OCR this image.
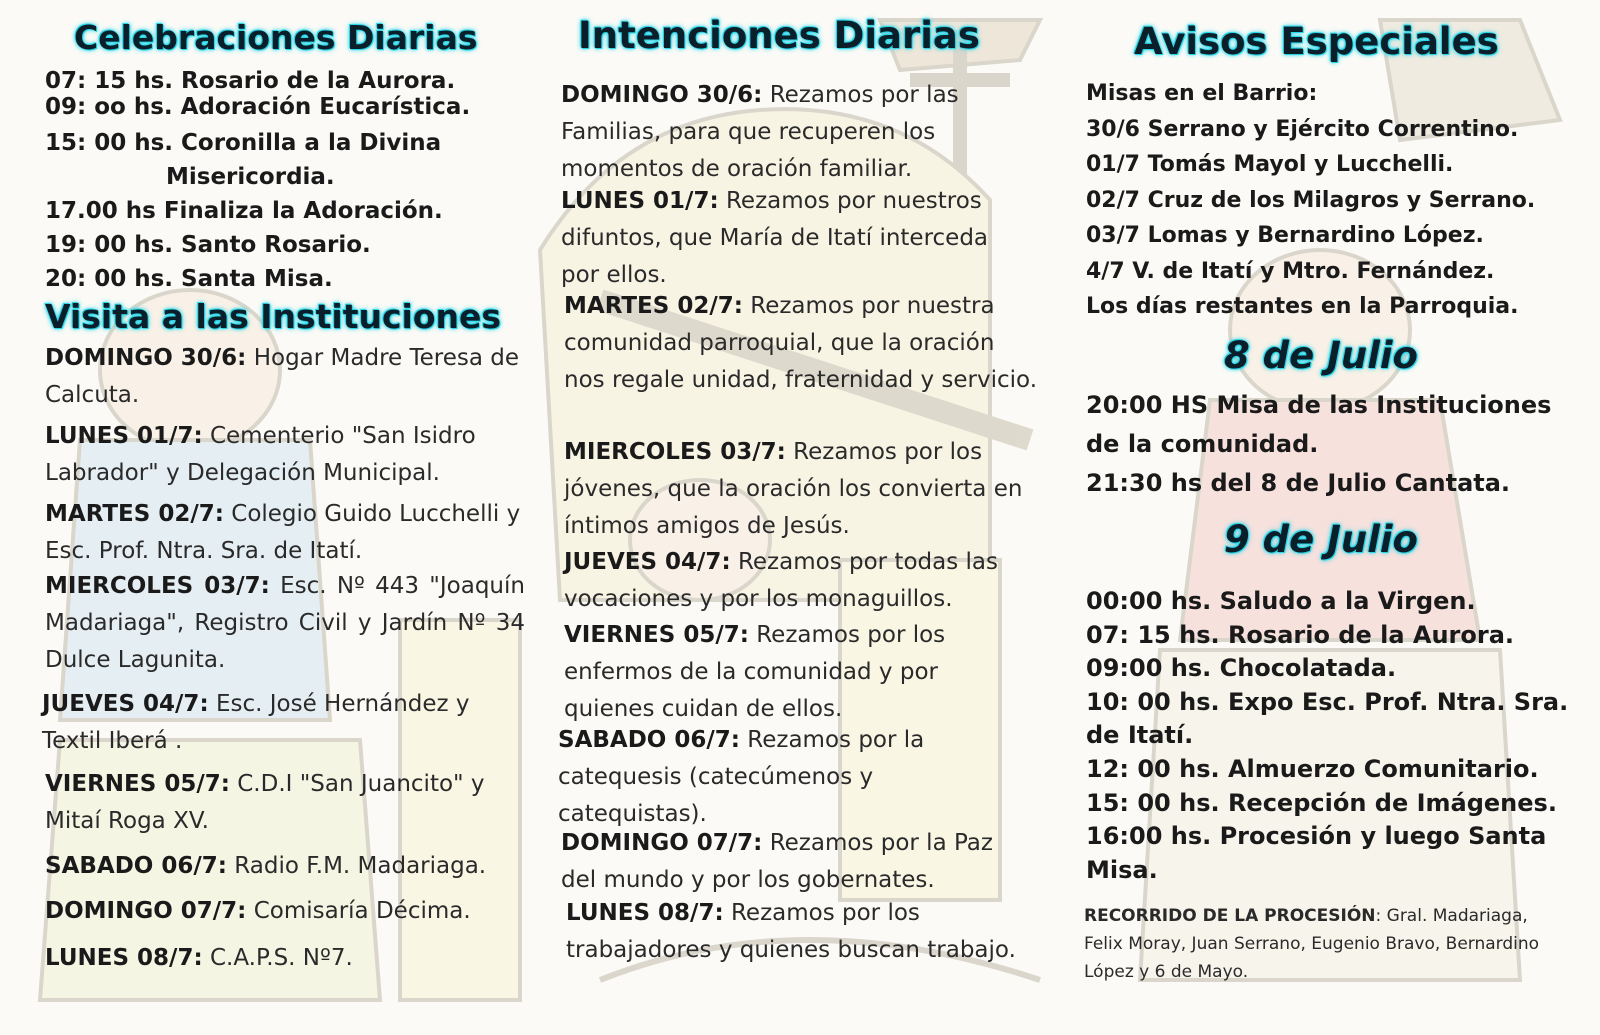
Celebraciones Diarias
07: 15 hs. Rosario de la Aurora.
09: oo hs. Adoración Eucarística.
15: 00 hs. Coronilla a la Divina
Misericordia.
17.00 hs Finaliza la Adoración.
19: 00 hs. Santo Rosario.
20: 00 hs. Santa Misa.
Visita a las Instituciones
DOMINGO 30/6: Hogar Madre Teresa de Calcuta.
LUNES 01/7: Cementerio "San Isidro Labrador" y Delegación Municipal.
MARTES 02/7: Colegio Guido Lucchelli y Esc. Prof. Ntra. Sra. de Itatí.
MIERCOLES 03/7: Esc. Nº 443 "Joaquín Madariaga", Registro Civil y Jardín Nº 34 Dulce Lagunita.
JUEVES 04/7: Esc. José Hernández y Textil Iberá .
VIERNES 05/7: C.D.I "San Juancito" y Mitaí Roga XV.
SABADO 06/7: Radio F.M. Madariaga.
DOMINGO 07/7: Comisaría Décima.
LUNES 08/7: C.A.P.S. Nº7.
Intenciones Diarias
DOMINGO 30/6: Rezamos por las Familias, para que recuperen los momentos de oración familiar.
LUNES 01/7: Rezamos por nuestros difuntos, que María de Itatí interceda por ellos.
MARTES 02/7: Rezamos por nuestra comunidad parroquial, que la oración nos regale unidad, fraternidad y servicio.
MIERCOLES 03/7: Rezamos por los jóvenes, que la oración los convierta en íntimos amigos de Jesús.
JUEVES 04/7: Rezamos por todas las vocaciones y por los monaguillos.
VIERNES 05/7: Rezamos por los enfermos de la comunidad y por quienes cuidan de ellos.
SABADO 06/7: Rezamos por la catequesis (catecúmenos y catequistas).
DOMINGO 07/7: Rezamos por la Paz del mundo y por los gobernates.
LUNES 08/7: Rezamos por los trabajadores y quienes buscan trabajo.
Avisos Especiales
Misas en el Barrio:
30/6 Serrano y Ejército Correntino.
01/7 Tomás Mayol y Lucchelli.
02/7 Cruz de los Milagros y Serrano.
03/7 Lomas y Bernardino López.
4/7 V. de Itatí y Mtro. Fernández.
Los días restantes en la Parroquia.
8 de Julio
20:00 HS Misa de las Instituciones
de la comunidad.
21:30 hs del 8 de Julio Cantata.
9 de Julio
00:00 hs. Saludo a la Virgen.
07: 15 hs. Rosario de la Aurora.
09:00 hs. Chocolatada.
10: 00 hs. Expo Esc. Prof. Ntra. Sra.
de Itatí.
12: 00 hs. Almuerzo Comunitario.
15: 00 hs. Recepción de Imágenes.
16:00 hs. Procesión y luego Santa
Misa.
RECORRIDO DE LA PROCESIÓN: Gral. Madariaga, Felix Moray, Juan Serrano, Eugenio Bravo, Bernardino López y 6 de Mayo.
